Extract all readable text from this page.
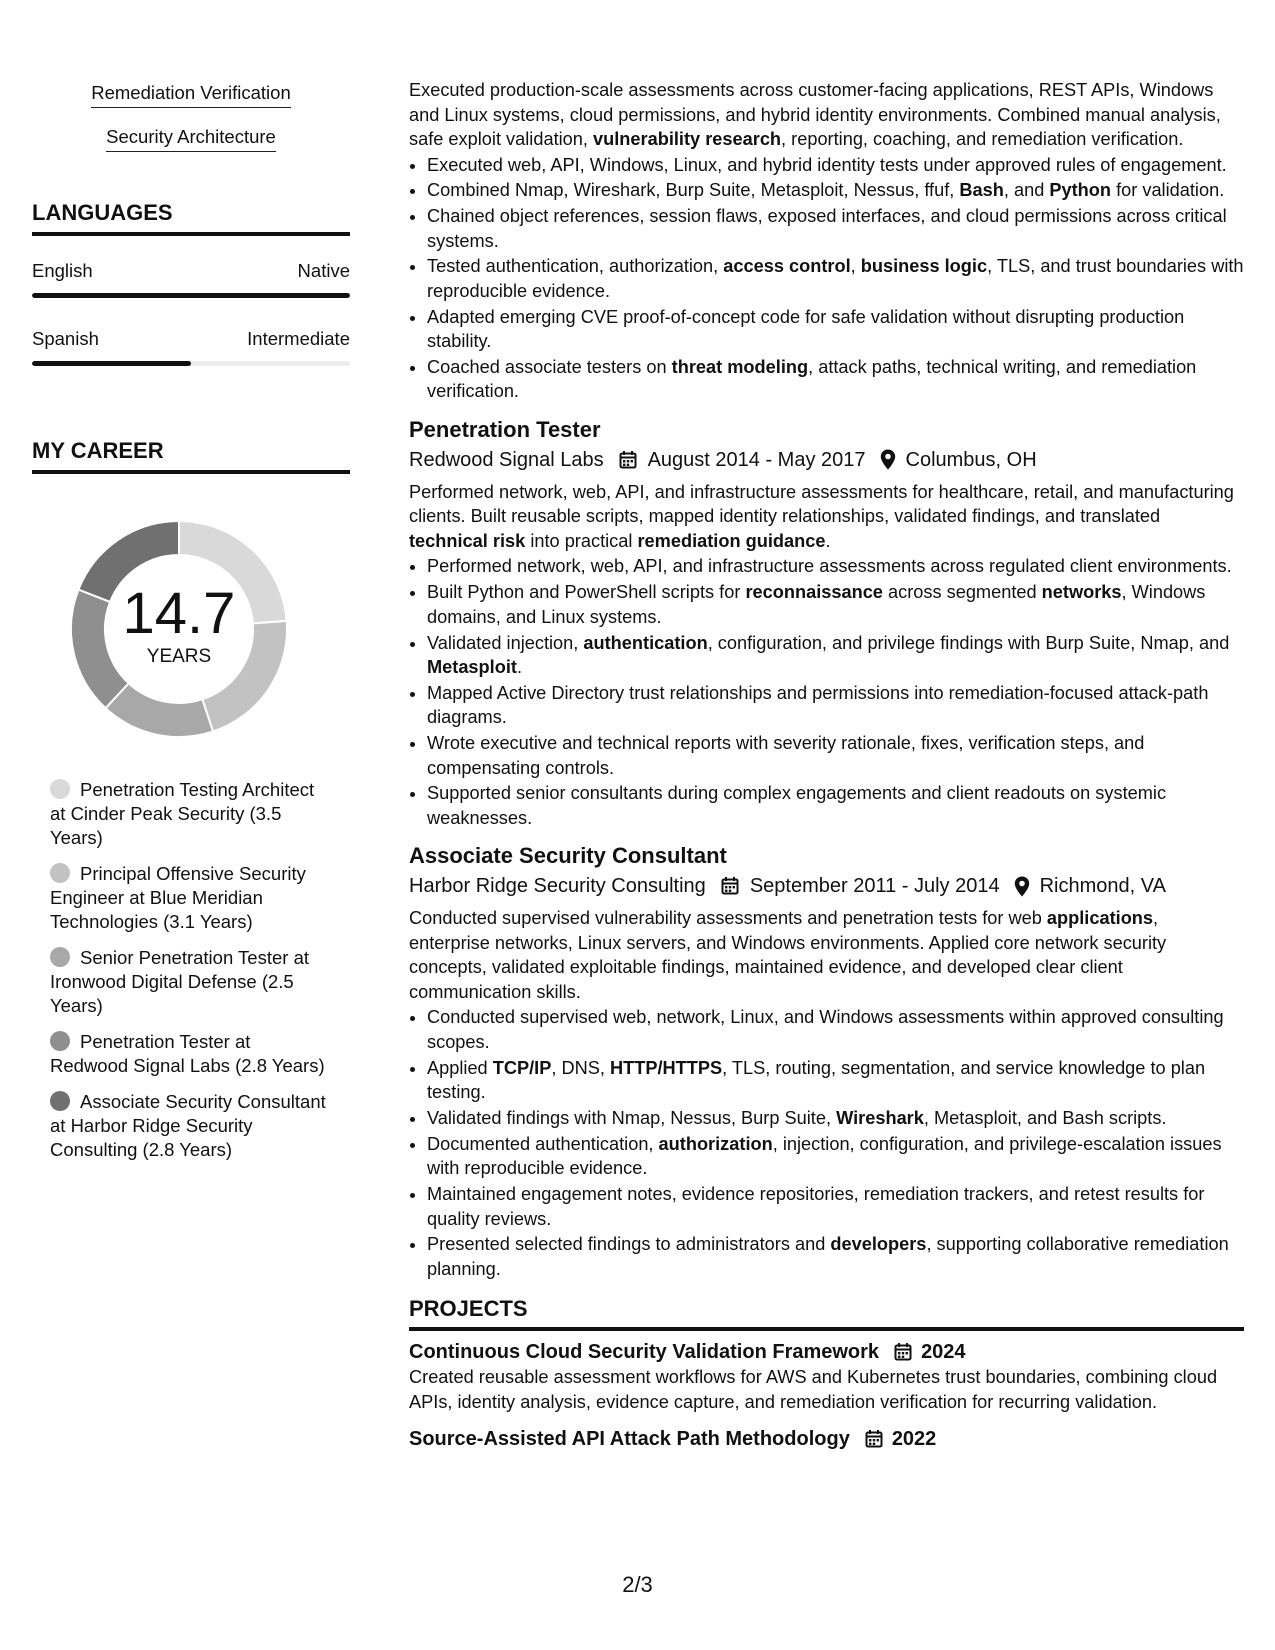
Remediation Verification
Security Architecture
LANGUAGES
English	Native
Spanish	Intermediate
MY CAREER
14.7
YEARS
Penetration Testing Architect at Cinder Peak Security (3.5 Years)
Principal Offensive Security Engineer at Blue Meridian Technologies (3.1 Years)
Senior Penetration Tester at Ironwood Digital Defense (2.5 Years)
Penetration Tester at Redwood Signal Labs (2.8 Years)
Associate Security Consultant at Harbor Ridge Security Consulting (2.8 Years)

Executed production-scale assessments across customer-facing applications, REST APIs, Windows and Linux systems, cloud permissions, and hybrid identity environments. Combined manual analysis, safe exploit validation, vulnerability research, reporting, coaching, and remediation verification.

• Executed web, API, Windows, Linux, and hybrid identity tests under approved rules of engagement.
• Combined Nmap, Wireshark, Burp Suite, Metasploit, Nessus, ffuf, Bash, and Python for validation.
• Chained object references, session flaws, exposed interfaces, and cloud permissions across critical systems.
• Tested authentication, authorization, access control, business logic, TLS, and trust boundaries with reproducible evidence.
• Adapted emerging CVE proof-of-concept code for safe validation without disrupting production stability.
• Coached associate testers on threat modeling, attack paths, technical writing, and remediation verification.
Penetration Tester
Redwood Signal Labs August 2014 - May 2017 Columbus, OH

Performed network, web, API, and infrastructure assessments for healthcare, retail, and manufacturing clients. Built reusable scripts, mapped identity relationships, validated findings, and translated technical risk into practical remediation guidance.

• Performed network, web, API, and infrastructure assessments across regulated client environments.
• Built Python and PowerShell scripts for reconnaissance across segmented networks, Windows domains, and Linux systems.
• Validated injection, authentication, configuration, and privilege findings with Burp Suite, Nmap, and Metasploit.
• Mapped Active Directory trust relationships and permissions into remediation-focused attack-path diagrams.
• Wrote executive and technical reports with severity rationale, fixes, verification steps, and compensating controls.
• Supported senior consultants during complex engagements and client readouts on systemic weaknesses.
Associate Security Consultant
Harbor Ridge Security Consulting September 2011 - July 2014 Richmond, VA

Conducted supervised vulnerability assessments and penetration tests for web applications, enterprise networks, Linux servers, and Windows environments. Applied core network security concepts, validated exploitable findings, maintained evidence, and developed clear client communication skills.

• Conducted supervised web, network, Linux, and Windows assessments within approved consulting scopes.
• Applied TCP/IP, DNS, HTTP/HTTPS, TLS, routing, segmentation, and service knowledge to plan testing.
• Validated findings with Nmap, Nessus, Burp Suite, Wireshark, Metasploit, and Bash scripts.
• Documented authentication, authorization, injection, configuration, and privilege-escalation issues with reproducible evidence.
• Maintained engagement notes, evidence repositories, remediation trackers, and retest results for quality reviews.
• Presented selected findings to administrators and developers, supporting collaborative remediation planning.
PROJECTS
Continuous Cloud Security Validation Framework 2024

Created reusable assessment workflows for AWS and Kubernetes trust boundaries, combining cloud APIs, identity analysis, evidence capture, and remediation verification for recurring validation.

Source-Assisted API Attack Path Methodology 2022
2/3
